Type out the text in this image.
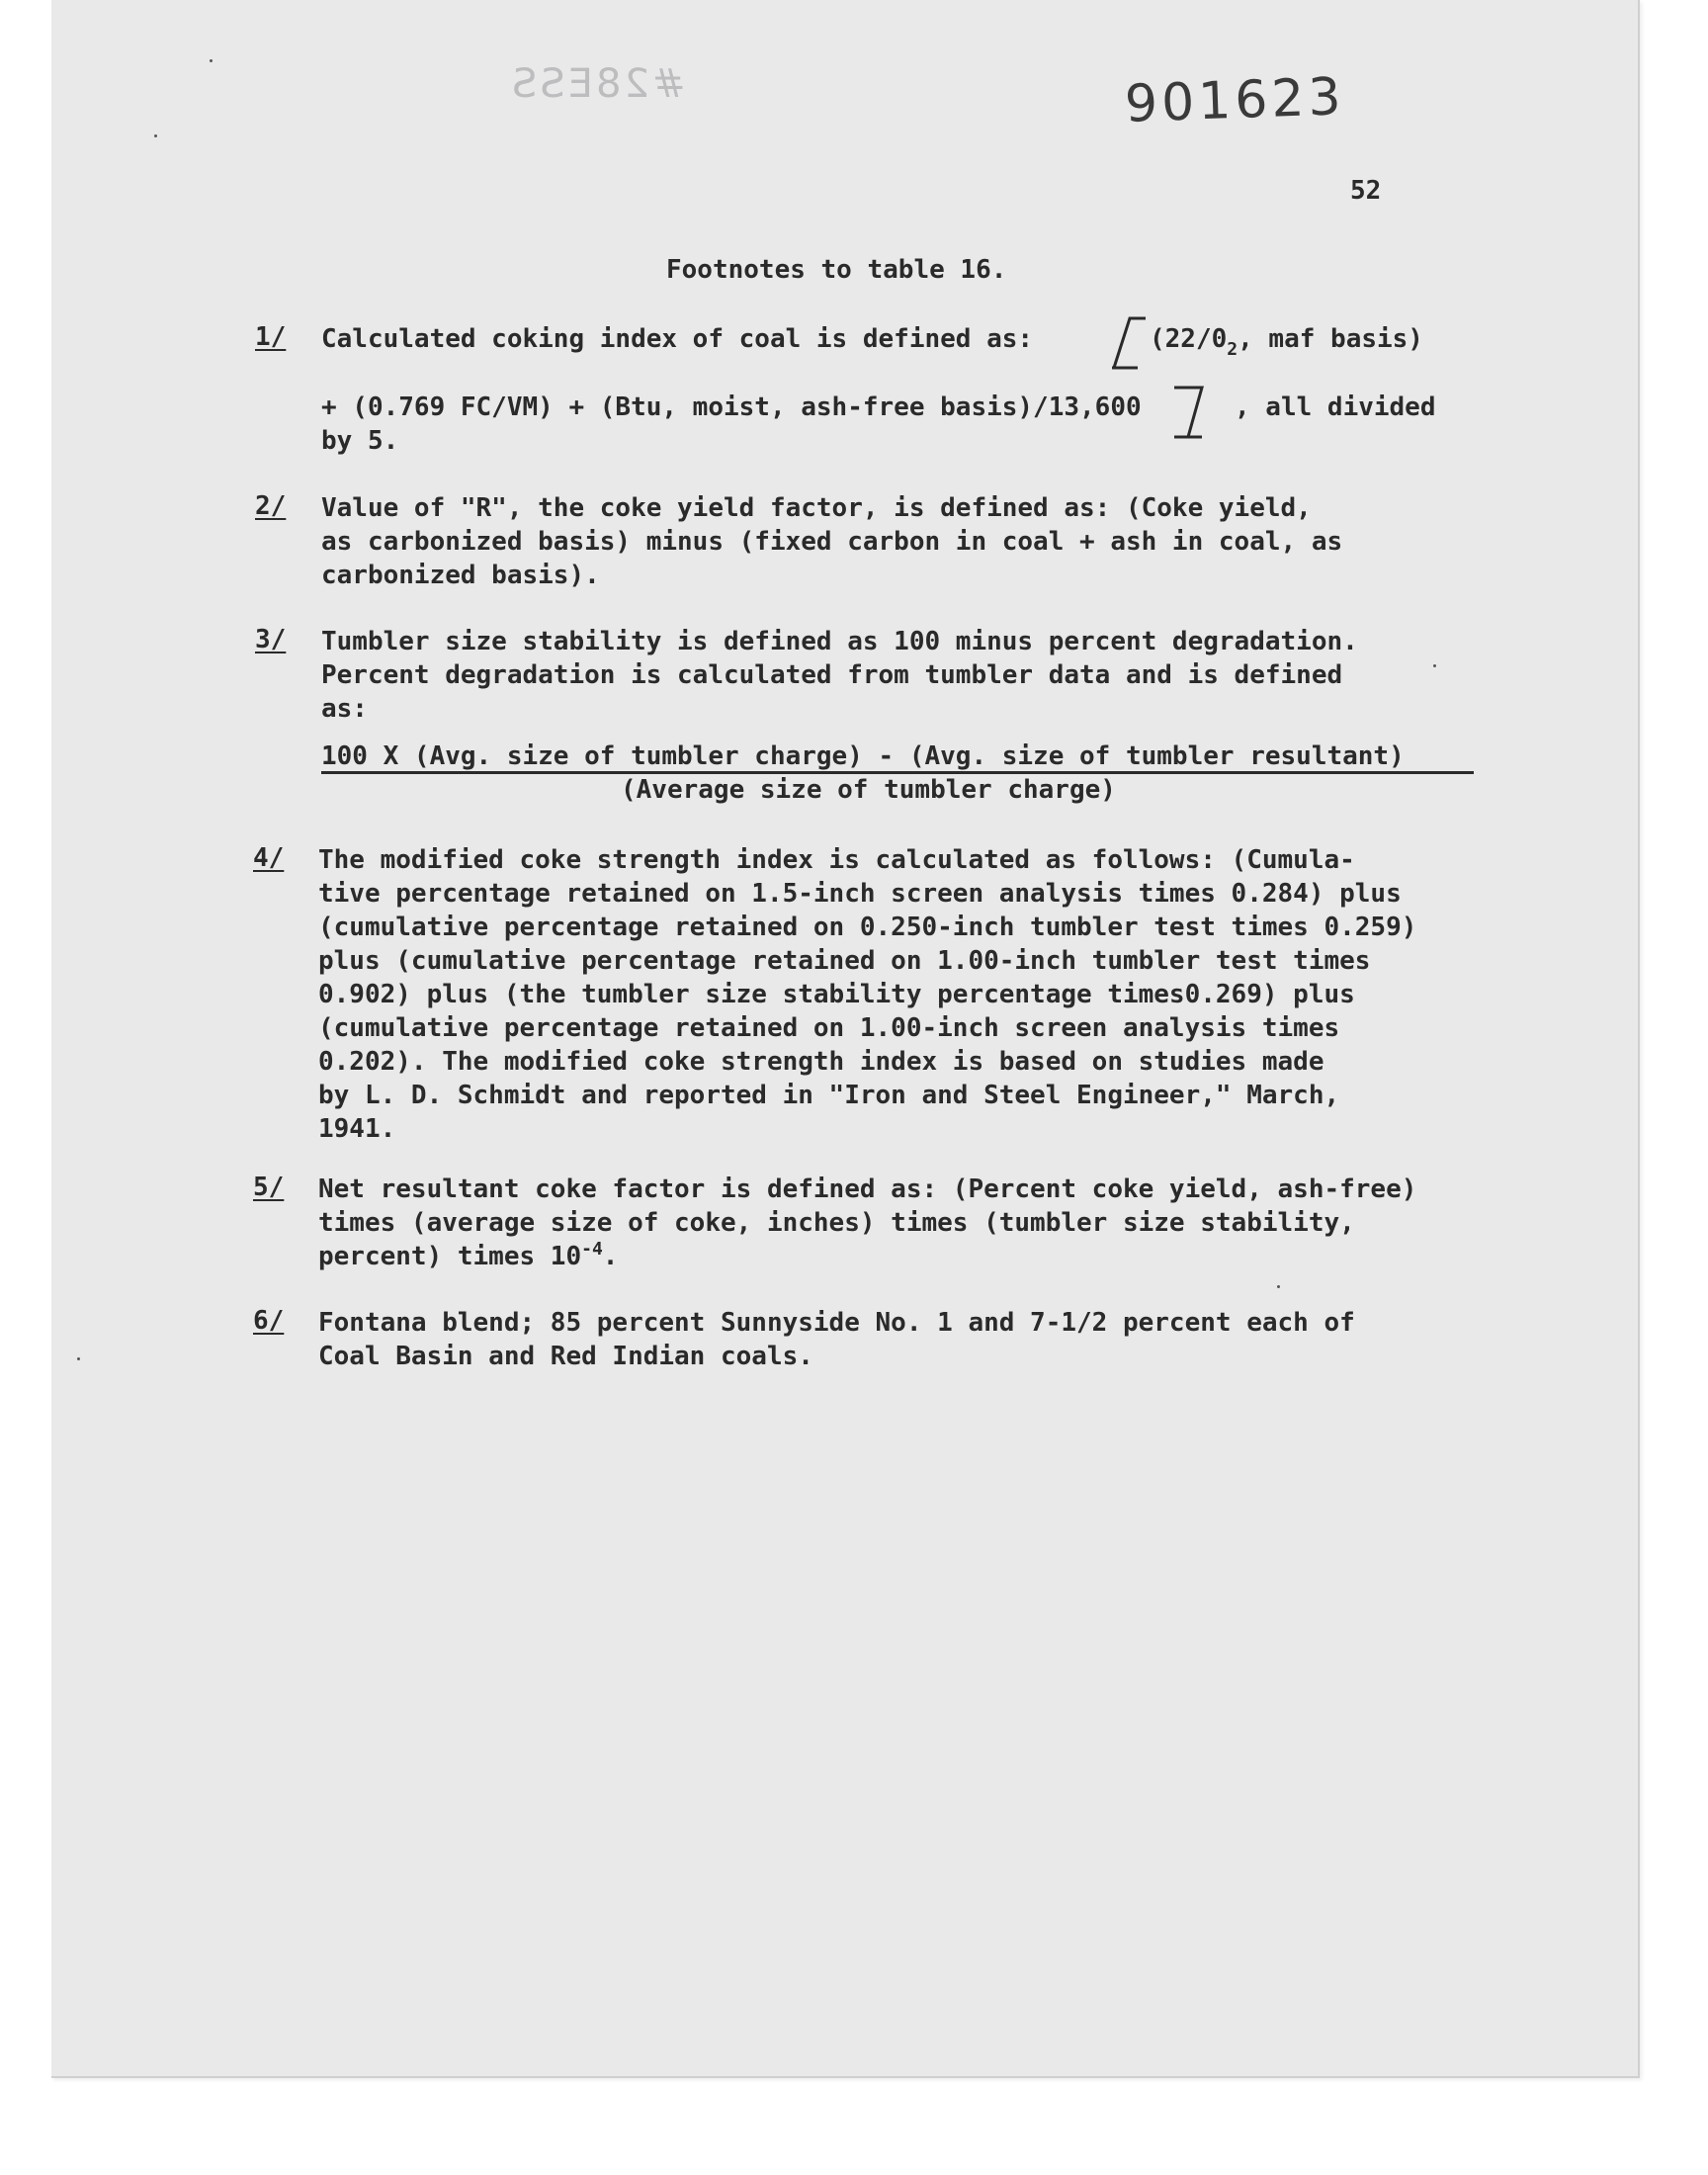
#28ESS	901623
52
Footnotes to table 16.
1/ Calculated coking index of coal is defined as:	($22/0_2$, maf basis)
+ (0.769 FC/VM) + (Btu, moist, ash-free basis)/13,600	, all divided
by 5.
2/ Value of "R", the coke yield factor, is defined as: (Coke yield,
as carbonized basis) minus (fixed carbon in coal + ash in coal, as
carbonized basis).
3/ Tumbler size stability is defined as 100 minus percent degradation.
Percent degradation is calculated from tumbler data and is defined
as:
100 X (Avg. size of tumbler charge) - (Avg. size of tumbler resultant)
(Average size of tumbler charge)
4/ The modified coke strength index is calculated as follows: (Cumula-
tive percentage retained on 1.5-inch screen analysis times 0.284) plus
(cumulative percentage retained on 0.250-inch tumbler test times 0.259)
plus (cumulative percentage retained on 1.00-inch tumbler test times
0.902) plus (the tumbler size stability percentage times0.269) plus
(cumulative percentage retained on 1.00-inch screen analysis times
0.202). The modified coke strength index is based on studies made
by L. D. Schmidt and reported in "Iron and Steel Engineer," March,
1941.
5/ Net resultant coke factor is defined as: (Percent coke yield, ash-free)
times (average size of coke, inches) times (tumbler size stability,
percent) times $10^{-4}$.
6/ Fontana blend; 85 percent Sunnyside No. 1 and 7-1/2 percent each of
Coal Basin and Red Indian coals.
